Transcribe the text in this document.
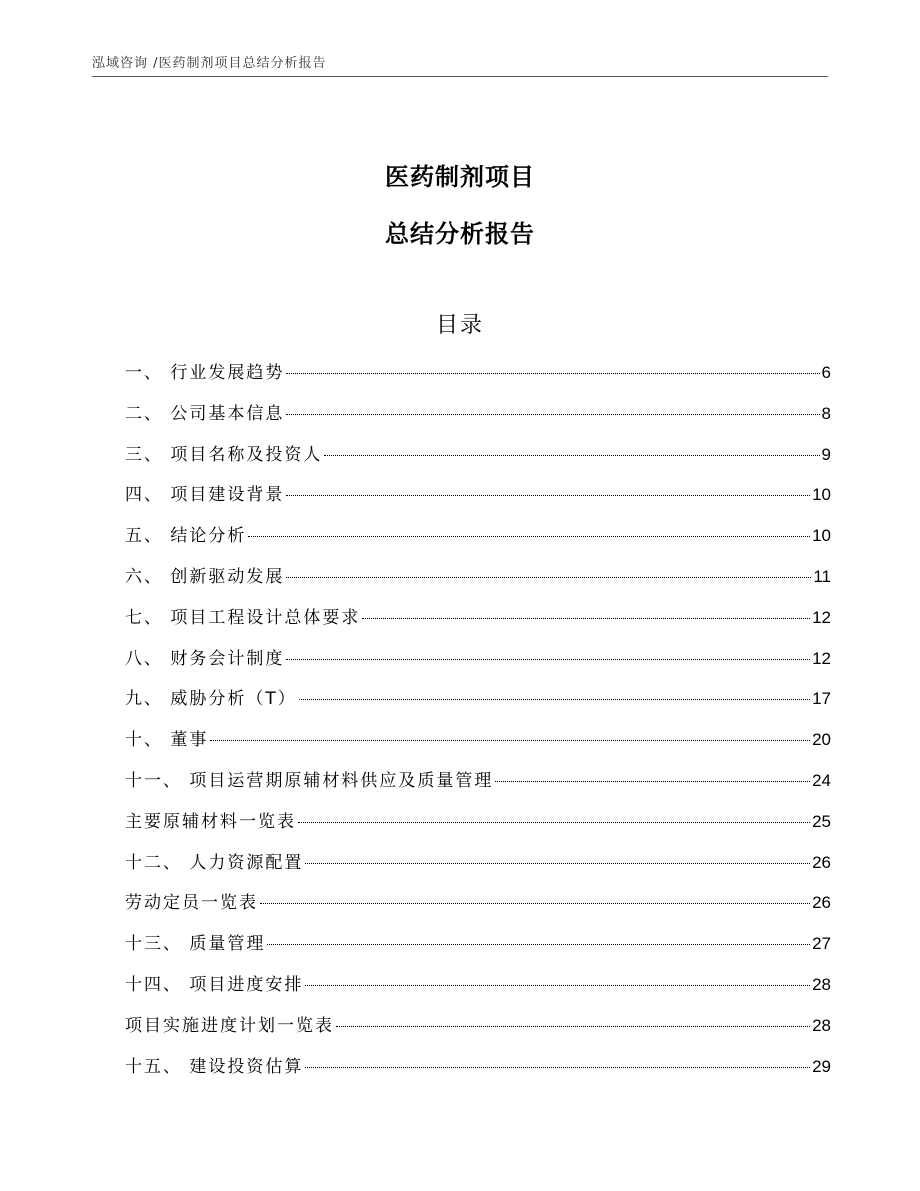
泓域咨询 /医药制剂项目总结分析报告
医药制剂项目
总结分析报告
目录
一、 行业发展趋势	6
二、 公司基本信息	8
三、 项目名称及投资人	9
四、 项目建设背景	10
五、 结论分析	10
六、 创新驱动发展	11
七、 项目工程设计总体要求	12
八、 财务会计制度	12
九、 威胁分析（T）	17
十、 董事	20
十一、 项目运营期原辅材料供应及质量管理	24
主要原辅材料一览表	25
十二、 人力资源配置	26
劳动定员一览表	26
十三、 质量管理	27
十四、 项目进度安排	28
项目实施进度计划一览表	28
十五、 建设投资估算	29
